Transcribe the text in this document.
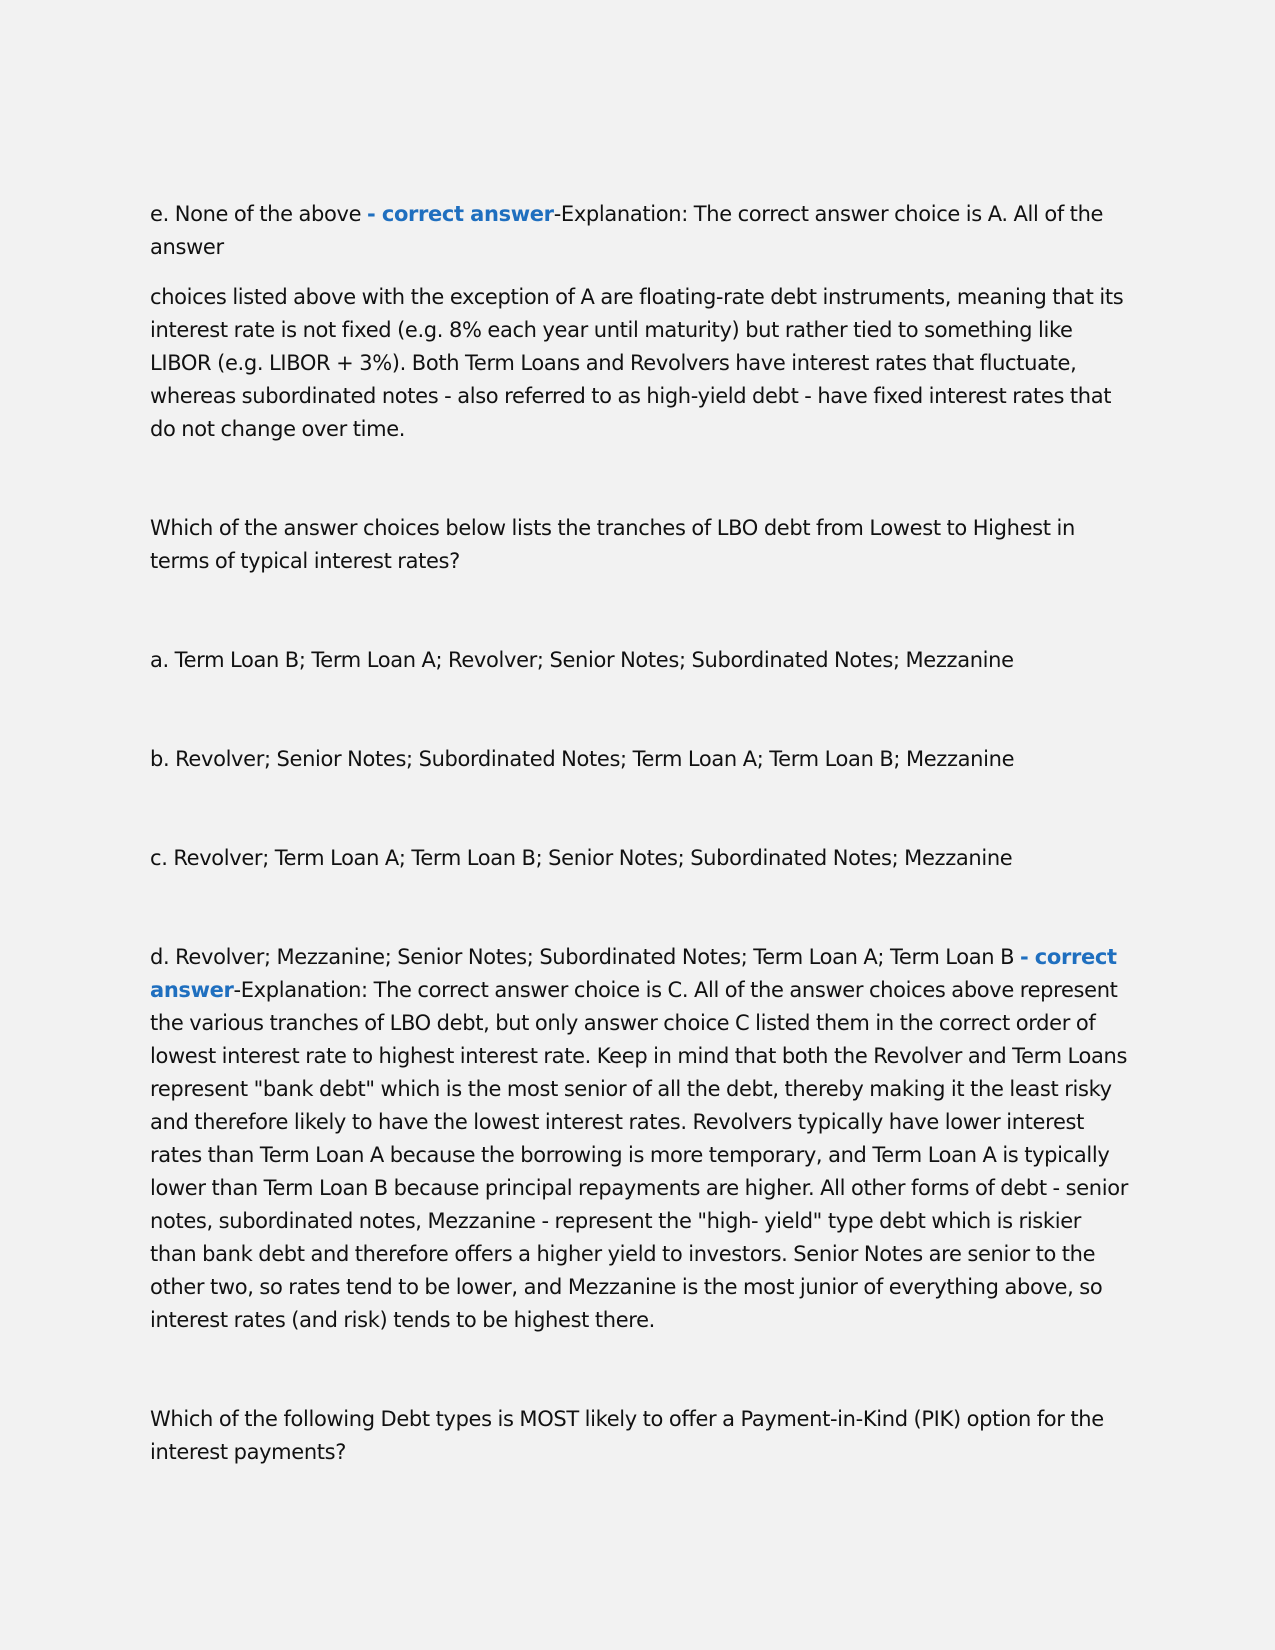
e. None of the above - correct answer-Explanation: The correct answer choice is A. All of the answer

choices listed above with the exception of A are floating-rate debt instruments, meaning that its interest rate is not fixed (e.g. 8% each year until maturity) but rather tied to something like LIBOR (e.g. LIBOR + 3%). Both Term Loans and Revolvers have interest rates that fluctuate, whereas subordinated notes - also referred to as high-yield debt - have fixed interest rates that do not change over time.

Which of the answer choices below lists the tranches of LBO debt from Lowest to Highest in terms of typical interest rates?

a. Term Loan B; Term Loan A; Revolver; Senior Notes; Subordinated Notes; Mezzanine

b. Revolver; Senior Notes; Subordinated Notes; Term Loan A; Term Loan B; Mezzanine

c. Revolver; Term Loan A; Term Loan B; Senior Notes; Subordinated Notes; Mezzanine

d. Revolver; Mezzanine; Senior Notes; Subordinated Notes; Term Loan A; Term Loan B - correct answer-Explanation: The correct answer choice is C. All of the answer choices above represent the various tranches of LBO debt, but only answer choice C listed them in the correct order of lowest interest rate to highest interest rate. Keep in mind that both the Revolver and Term Loans represent "bank debt" which is the most senior of all the debt, thereby making it the least risky and therefore likely to have the lowest interest rates. Revolvers typically have lower interest rates than Term Loan A because the borrowing is more temporary, and Term Loan A is typically lower than Term Loan B because principal repayments are higher. All other forms of debt - senior notes, subordinated notes, Mezzanine - represent the "high- yield" type debt which is riskier than bank debt and therefore offers a higher yield to investors. Senior Notes are senior to the other two, so rates tend to be lower, and Mezzanine is the most junior of everything above, so interest rates (and risk) tends to be highest there.

Which of the following Debt types is MOST likely to offer a Payment-in-Kind (PIK) option for the interest payments?
